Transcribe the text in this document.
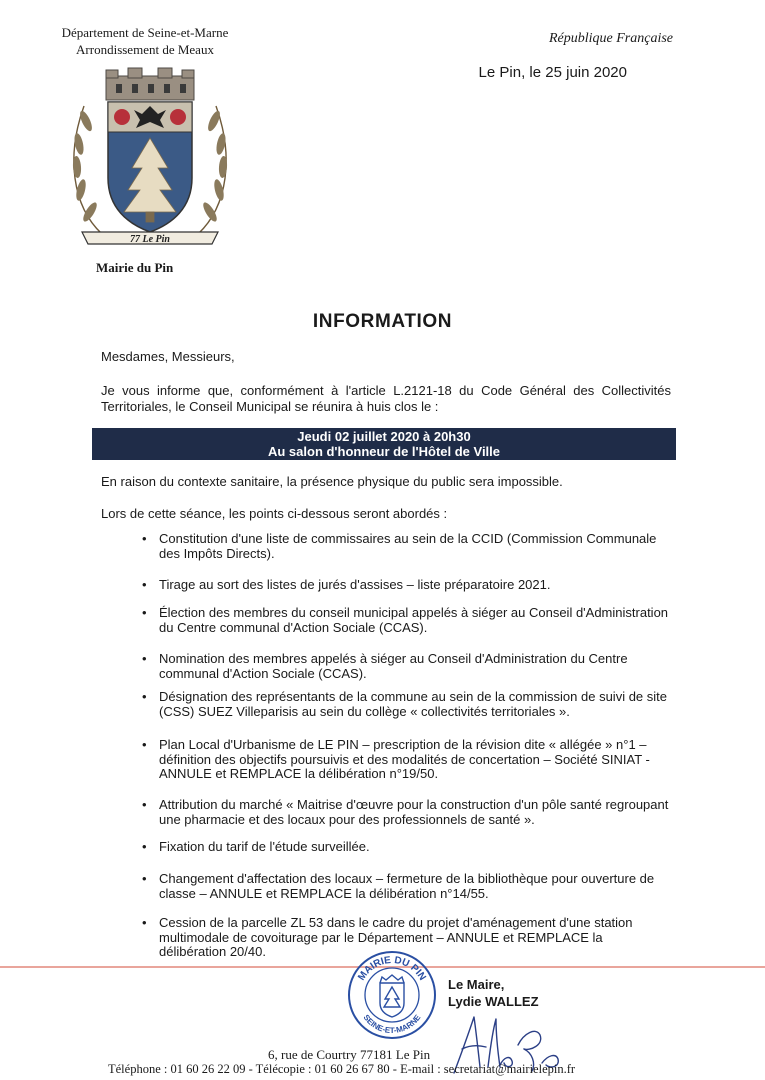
Département de Seine-et-Marne
Arrondissement de Meaux
République Française
Le Pin, le 25 juin 2020
77 Le Pin
Mairie du Pin
INFORMATION
Mesdames, Messieurs,
Je vous informe que, conformément à l'article L.2121-18 du Code Général des Collectivités Territoriales, le Conseil Municipal se réunira à huis clos le :
Jeudi 02 juillet 2020 à 20h30
Au salon d'honneur de l'Hôtel de Ville
En raison du contexte sanitaire, la présence physique du public sera impossible.
Lors de cette séance, les points ci-dessous seront abordés :
• Constitution d'une liste de commissaires au sein de la CCID (Commission Communale des Impôts Directs).
• Tirage au sort des listes de jurés d'assises – liste préparatoire 2021.
• Élection des membres du conseil municipal appelés à siéger au Conseil d'Administration du Centre communal d'Action Sociale (CCAS).
• Nomination des membres appelés à siéger au Conseil d'Administration du Centre communal d'Action Sociale (CCAS).
• Désignation des représentants de la commune au sein de la commission de suivi de site (CSS) SUEZ Villeparisis au sein du collège « collectivités territoriales ».
• Plan Local d'Urbanisme de LE PIN – prescription de la révision dite « allégée » n°1 – définition des objectifs poursuivis et des modalités de concertation – Société SINIAT - ANNULE et REMPLACE la délibération n°19/50.
• Attribution du marché « Maitrise d'œuvre pour la construction d'un pôle santé regroupant une pharmacie et des locaux pour des professionnels de santé ».
• Fixation du tarif de l'étude surveillée.
• Changement d'affectation des locaux – fermeture de la bibliothèque pour ouverture de classe – ANNULE et REMPLACE la délibération n°14/55.
• Cession de la parcelle ZL 53 dans le cadre du projet d'aménagement d'une station multimodale de covoiturage par le Département – ANNULE et REMPLACE la délibération 20/40.
MAIRIE DU PIN
SEINE-ET-MARNE
Le Maire,
Lydie WALLEZ
6, rue de Courtry 77181 Le Pin
Téléphone : 01 60 26 22 09 - Télécopie : 01 60 26 67 80 - E-mail : secretariat@mairielepin.fr
